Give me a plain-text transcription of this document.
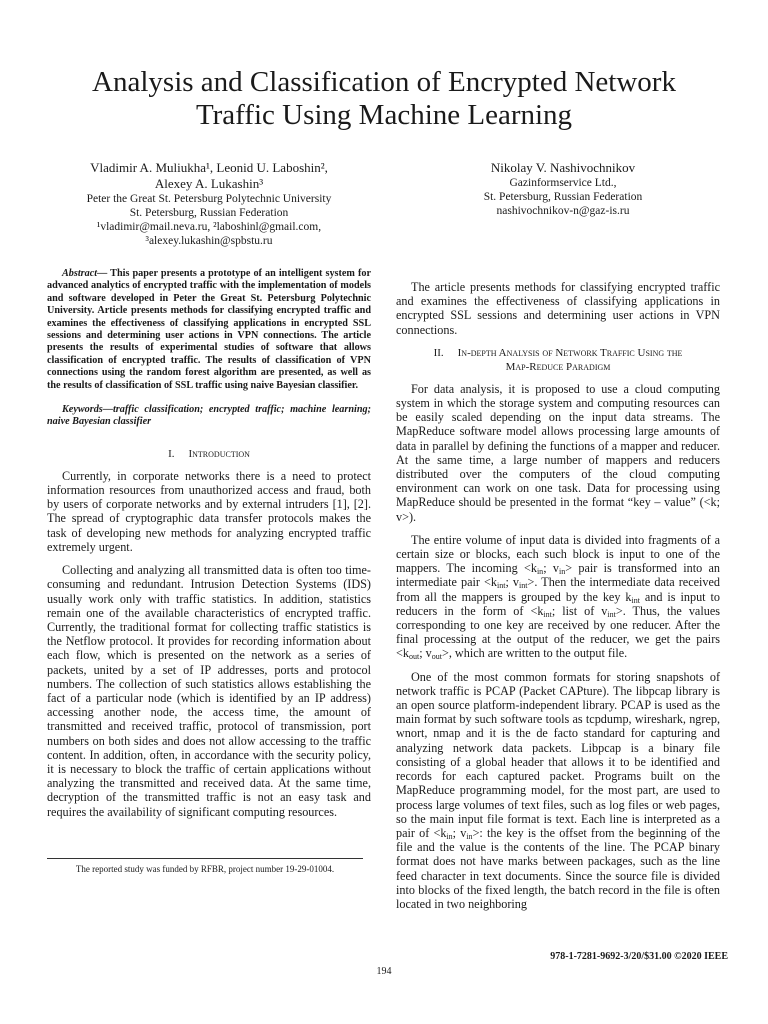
Analysis and Classification of Encrypted Network
Traffic Using Machine Learning
Vladimir A. Muliukha¹, Leonid U. Laboshin²,
Alexey A. Lukashin³
Peter the Great St. Petersburg Polytechnic University
St. Petersburg, Russian Federation
¹vladimir@mail.neva.ru, ²laboshinl@gmail.com,
³alexey.lukashin@spbstu.ru
Nikolay V. Nashivochnikov
Gazinformservice Ltd.,
St. Petersburg, Russian Federation
nashivochnikov-n@gaz-is.ru

Abstract— This paper presents a prototype of an intelligent system for advanced analytics of encrypted traffic with the implementation of models and software developed in Peter the Great St. Petersburg Polytechnic University. Article presents methods for classifying encrypted traffic and examines the effectiveness of classifying applications in encrypted SSL sessions and determining user actions in VPN connections. The article presents the results of experimental studies of software that allows classification of encrypted traffic. The results of classification of VPN connections using the random forest algorithm are presented, as well as the results of classification of SSL traffic using naive Bayesian classifier.

Keywords—traffic classification; encrypted traffic; machine learning; naive Bayesian classifier

I. Introduction

Currently, in corporate networks there is a need to protect information resources from unauthorized access and fraud, both by users of corporate networks and by external intruders [1], [2]. The spread of cryptographic data transfer protocols makes the task of developing new methods for analyzing encrypted traffic extremely urgent.

Collecting and analyzing all transmitted data is often too time-consuming and redundant. Intrusion Detection Systems (IDS) usually work only with traffic statistics. In addition, statistics remain one of the available characteristics of encrypted traffic. Currently, the traditional format for collecting traffic statistics is the Netflow protocol. It provides for recording information about each flow, which is presented on the network as a series of packets, united by a set of IP addresses, ports and protocol numbers. The collection of such statistics allows establishing the fact of a particular node (which is identified by an IP address) accessing another node, the access time, the amount of transmitted and received traffic, protocol of transmission, port numbers on both sides and does not allow accessing to the traffic content. In addition, often, in accordance with the security policy, it is necessary to block the traffic of certain applications without analyzing the transmitted and received data. At the same time, decryption of the transmitted traffic is not an easy task and requires the availability of significant computing resources.

The article presents methods for classifying encrypted traffic and examines the effectiveness of classifying applications in encrypted SSL sessions and determining user actions in VPN connections.

II. In-depth Analysis of Network Traffic Using the
Map-Reduce Paradigm

For data analysis, it is proposed to use a cloud computing system in which the storage system and computing resources can be easily scaled depending on the input data streams. The MapReduce software model allows processing large amounts of data in parallel by defining the functions of a mapper and reducer. At the same time, a large number of mappers and reducers distributed over the computers of the cloud computing environment can work on one task. Data for processing using MapReduce should be presented in the format “key – value” (<k; v>).

The entire volume of input data is divided into fragments of a certain size or blocks, each such block is input to one of the mappers. The incoming $<k_{in}$; $v_{in}>$ pair is transformed into an intermediate pair $<k_{int}$; $v_{int}>$. Then the intermediate data received from all the mappers is grouped by the key $k_{int}$ and is input to reducers in the form of $<k_{int}$; list of $v_{int}>$. Thus, the values corresponding to one key are received by one reducer. After the final processing at the output of the reducer, we get the pairs $<k_{out}$; $v_{out}>$, which are written to the output file.

One of the most common formats for storing snapshots of network traffic is PCAP (Packet CAPture). The libpcap library is an open source platform-independent library. PCAP is used as the main format by such software tools as tcpdump, wireshark, ngrep, wnort, nmap and it is the de facto standard for capturing and analyzing network data packets. Libpcap is a binary file consisting of a global header that allows it to be identified and records for each captured packet. Programs built on the MapReduce programming model, for the most part, are used to process large volumes of text files, such as log files or web pages, so the main input file format is text. Each line is interpreted as a pair of $<k_{in}$; $v_{in}>$: the key is the offset from the beginning of the file and the value is the contents of the line. The PCAP binary format does not have marks between packages, such as the line feed character in text documents. Since the source file is divided into blocks of the fixed length, the batch record in the file is often located in two neighboring

The reported study was funded by RFBR, project number 19-29-01004.
978-1-7281-9692-3/20/$31.00 ©2020 IEEE
194
